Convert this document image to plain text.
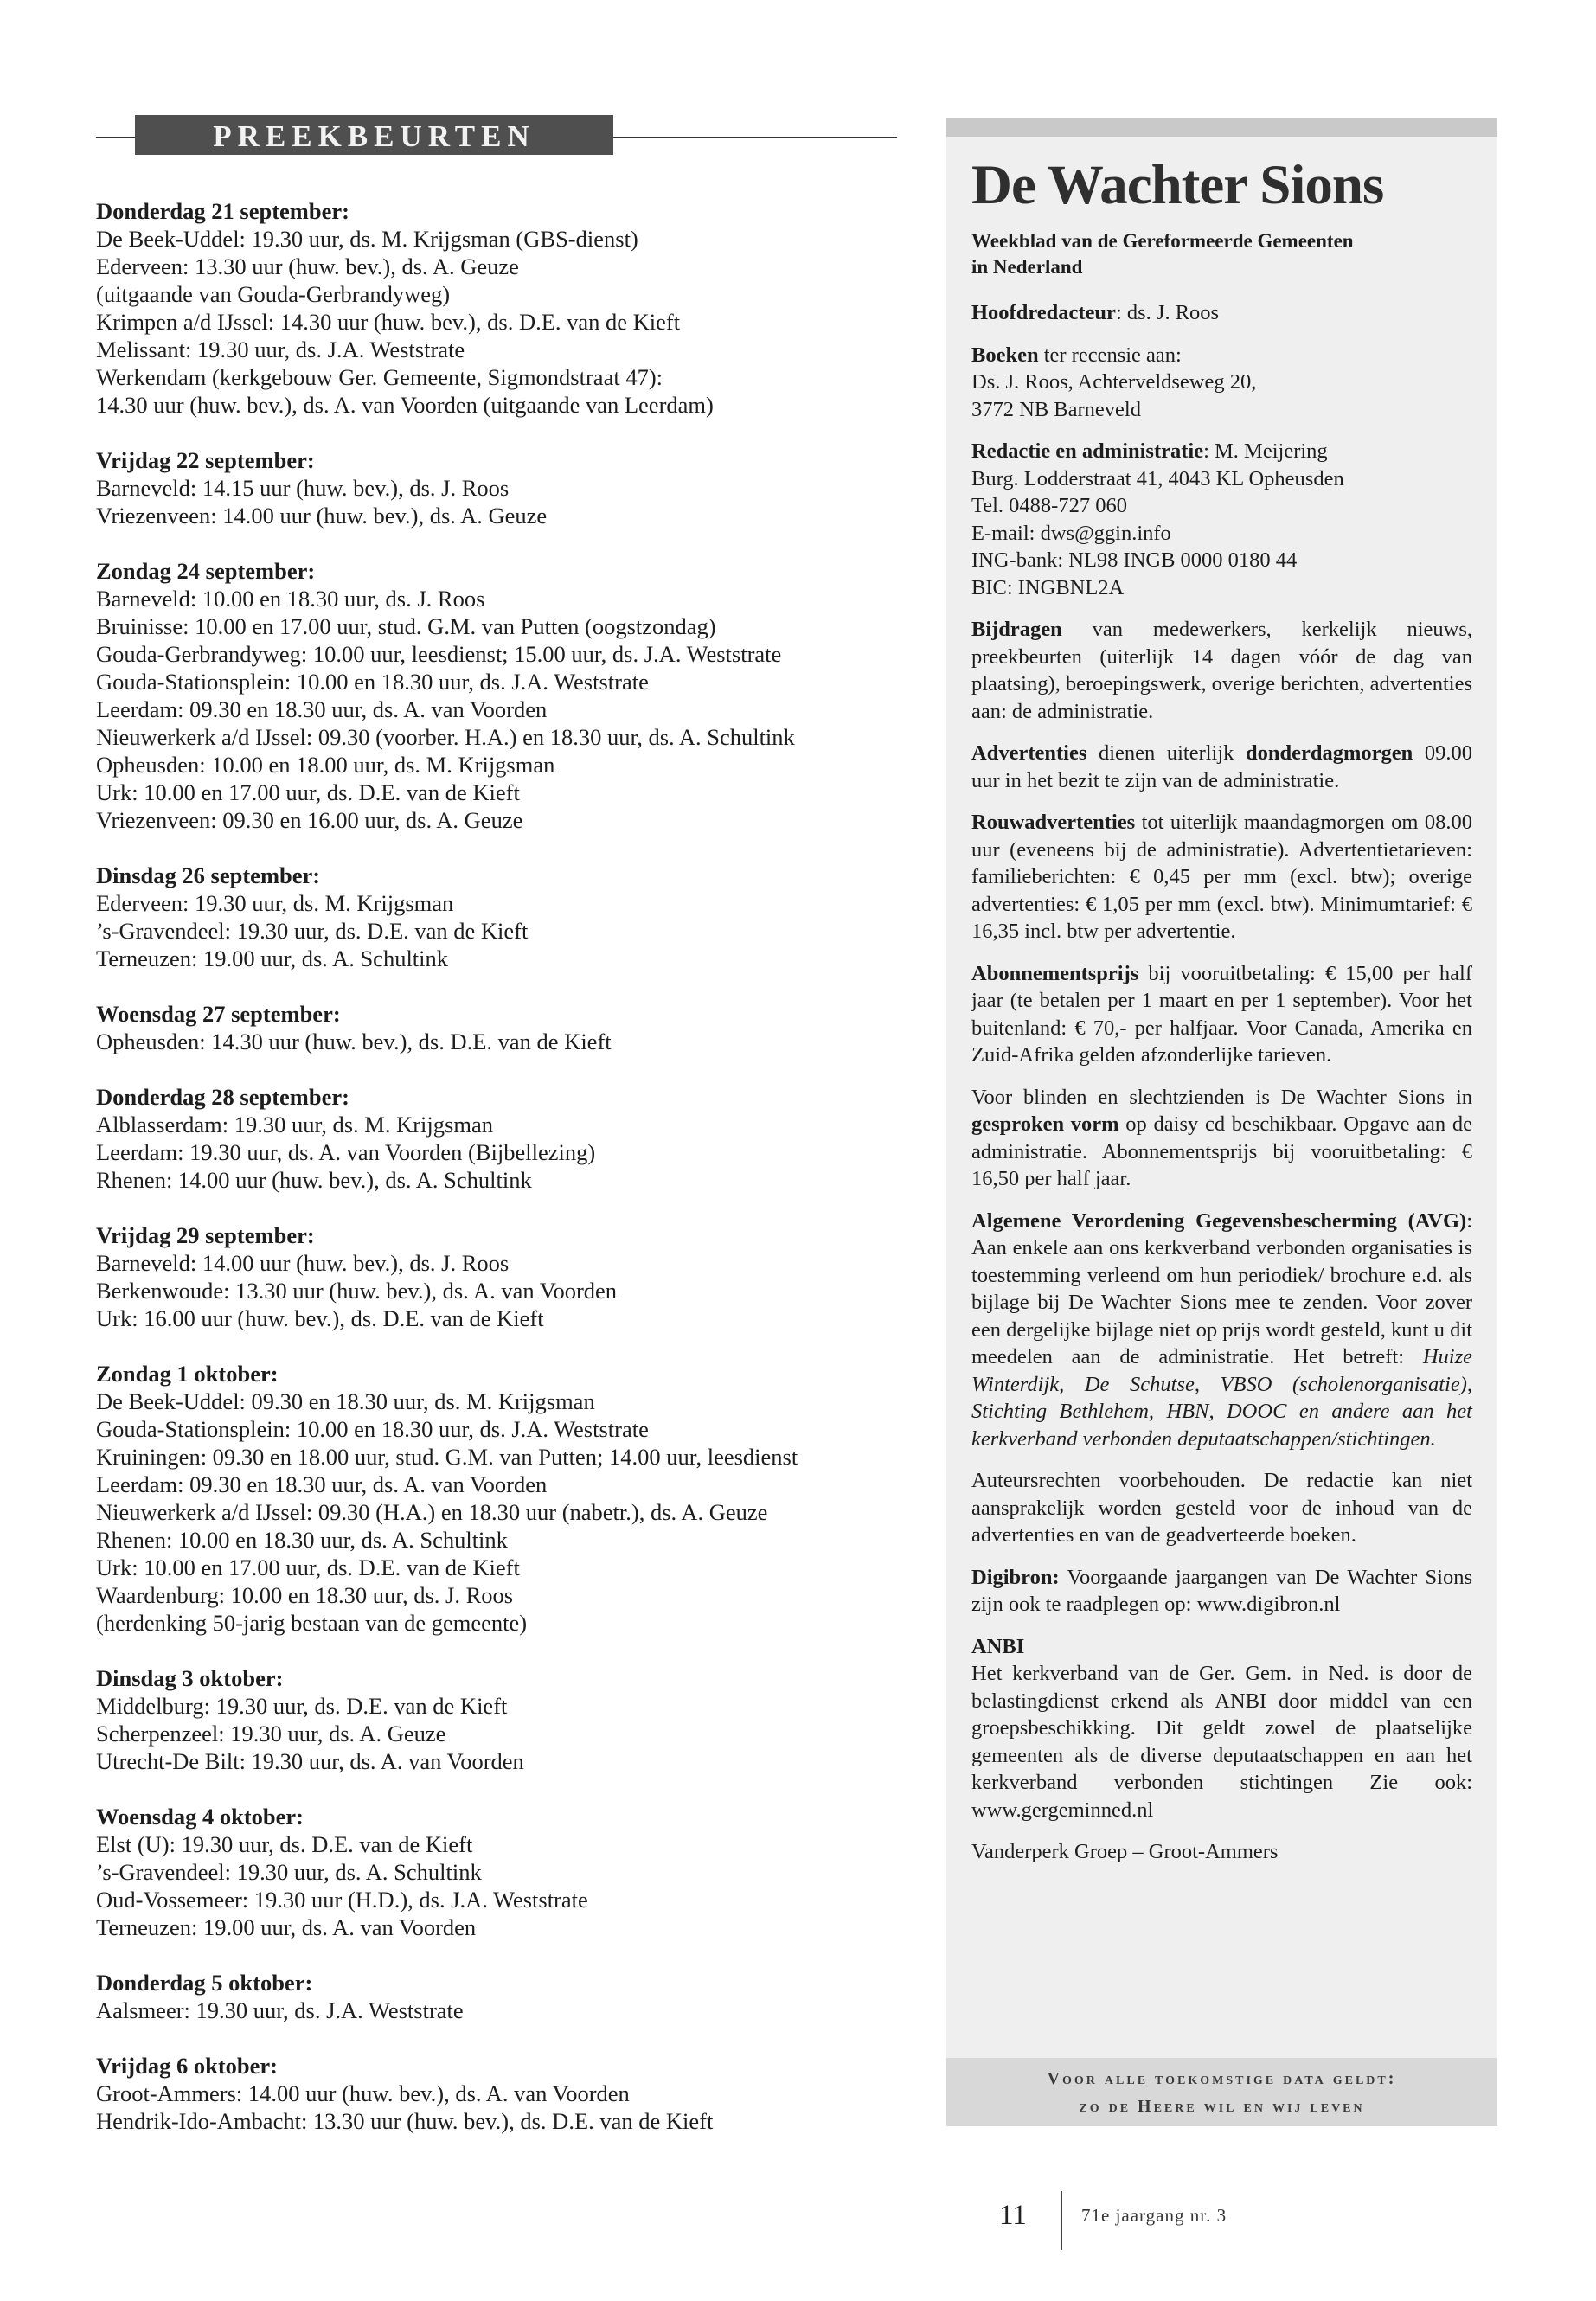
PREEKBEURTEN

Donderdag 21 september:

De Beek-Uddel: 19.30 uur, ds. M. Krijgsman (GBS-dienst)

Ederveen: 13.30 uur (huw. bev.), ds. A. Geuze

(uitgaande van Gouda-Gerbrandyweg)

Krimpen a/d IJssel: 14.30 uur (huw. bev.), ds. D.E. van de Kieft

Melissant: 19.30 uur, ds. J.A. Weststrate

Werkendam (kerkgebouw Ger. Gemeente, Sigmondstraat 47):

14.30 uur (huw. bev.), ds. A. van Voorden (uitgaande van Leerdam)

Vrijdag 22 september:

Barneveld: 14.15 uur (huw. bev.), ds. J. Roos

Vriezenveen: 14.00 uur (huw. bev.), ds. A. Geuze

Zondag 24 september:

Barneveld: 10.00 en 18.30 uur, ds. J. Roos

Bruinisse: 10.00 en 17.00 uur, stud. G.M. van Putten (oogstzondag)

Gouda-Gerbrandyweg: 10.00 uur, leesdienst; 15.00 uur, ds. J.A. Weststrate

Gouda-Stationsplein: 10.00 en 18.30 uur, ds. J.A. Weststrate

Leerdam: 09.30 en 18.30 uur, ds. A. van Voorden

Nieuwerkerk a/d IJssel: 09.30 (voorber. H.A.) en 18.30 uur, ds. A. Schultink

Opheusden: 10.00 en 18.00 uur, ds. M. Krijgsman

Urk: 10.00 en 17.00 uur, ds. D.E. van de Kieft

Vriezenveen: 09.30 en 16.00 uur, ds. A. Geuze

Dinsdag 26 september:

Ederveen: 19.30 uur, ds. M. Krijgsman

’s-Gravendeel: 19.30 uur, ds. D.E. van de Kieft

Terneuzen: 19.00 uur, ds. A. Schultink

Woensdag 27 september:

Opheusden: 14.30 uur (huw. bev.), ds. D.E. van de Kieft

Donderdag 28 september:

Alblasserdam: 19.30 uur, ds. M. Krijgsman

Leerdam: 19.30 uur, ds. A. van Voorden (Bijbellezing)

Rhenen: 14.00 uur (huw. bev.), ds. A. Schultink

Vrijdag 29 september:

Barneveld: 14.00 uur (huw. bev.), ds. J. Roos

Berkenwoude: 13.30 uur (huw. bev.), ds. A. van Voorden

Urk: 16.00 uur (huw. bev.), ds. D.E. van de Kieft

Zondag 1 oktober:

De Beek-Uddel: 09.30 en 18.30 uur, ds. M. Krijgsman

Gouda-Stationsplein: 10.00 en 18.30 uur, ds. J.A. Weststrate

Kruiningen: 09.30 en 18.00 uur, stud. G.M. van Putten; 14.00 uur, leesdienst

Leerdam: 09.30 en 18.30 uur, ds. A. van Voorden

Nieuwerkerk a/d IJssel: 09.30 (H.A.) en 18.30 uur (nabetr.), ds. A. Geuze

Rhenen: 10.00 en 18.30 uur, ds. A. Schultink

Urk: 10.00 en 17.00 uur, ds. D.E. van de Kieft

Waardenburg: 10.00 en 18.30 uur, ds. J. Roos

(herdenking 50-jarig bestaan van de gemeente)

Dinsdag 3 oktober:

Middelburg: 19.30 uur, ds. D.E. van de Kieft

Scherpenzeel: 19.30 uur, ds. A. Geuze

Utrecht-De Bilt: 19.30 uur, ds. A. van Voorden

Woensdag 4 oktober:

Elst (U): 19.30 uur, ds. D.E. van de Kieft

’s-Gravendeel: 19.30 uur, ds. A. Schultink

Oud-Vossemeer: 19.30 uur (H.D.), ds. J.A. Weststrate

Terneuzen: 19.00 uur, ds. A. van Voorden

Donderdag 5 oktober:

Aalsmeer: 19.30 uur, ds. J.A. Weststrate

Vrijdag 6 oktober:

Groot-Ammers: 14.00 uur (huw. bev.), ds. A. van Voorden

Hendrik-Ido-Ambacht: 13.30 uur (huw. bev.), ds. D.E. van de Kieft

De Wachter Sions

Weekblad van de Gereformeerde Gemeenten
in Nederland

Hoofdredacteur: ds. J. Roos

Boeken ter recensie aan:
Ds. J. Roos, Achterveldseweg 20,
3772 NB Barneveld

Redactie en administratie: M. Meijering
Burg. Lodderstraat 41, 4043 KL Opheusden
Tel. 0488-727 060
E-mail: dws@ggin.info
ING-bank: NL98 INGB 0000 0180 44
BIC: INGBNL2A

Bijdragen van medewerkers, kerkelijk nieuws, preekbeurten (uiterlijk 14 dagen vóór de dag van plaatsing), beroepingswerk, overige berichten, advertenties aan: de administratie.

Advertenties dienen uiterlijk donderdagmorgen 09.00 uur in het bezit te zijn van de administratie.

Rouwadvertenties tot uiterlijk maandagmorgen om 08.00 uur (eveneens bij de administratie). Advertentietarieven: familieberichten: € 0,45 per mm (excl. btw); overige advertenties: € 1,05 per mm (excl. btw). Minimumtarief: € 16,35 incl. btw per advertentie.

Abonnementsprijs bij vooruitbetaling: € 15,00 per half jaar (te betalen per 1 maart en per 1 september). Voor het buitenland: € 70,- per halfjaar. Voor Canada, Amerika en Zuid-Afrika gelden afzonderlijke tarieven.

Voor blinden en slechtzienden is De Wachter Sions in gesproken vorm op daisy cd beschikbaar. Opgave aan de administratie. Abonnementsprijs bij vooruitbetaling: € 16,50 per half jaar.

Algemene Verordening Gegevensbescherming (AVG): Aan enkele aan ons kerkverband verbonden organisaties is toestemming verleend om hun periodiek/ brochure e.d. als bijlage bij De Wachter Sions mee te zenden. Voor zover een dergelijke bijlage niet op prijs wordt gesteld, kunt u dit meedelen aan de administratie. Het betreft: Huize Winterdijk, De Schutse, VBSO (scholenorganisatie), Stichting Bethlehem, HBN, DOOC en andere aan het kerkverband verbonden deputaatschappen/stichtingen.

Auteursrechten voorbehouden. De redactie kan niet aansprakelijk worden gesteld voor de inhoud van de advertenties en van de geadverteerde boeken.

Digibron: Voorgaande jaargangen van De Wachter Sions zijn ook te raadplegen op: www.digibron.nl

ANBI

Het kerkverband van de Ger. Gem. in Ned. is door de belastingdienst erkend als ANBI door middel van een groepsbeschikking. Dit geldt zowel de plaatselijke gemeenten als de diverse deputaatschappen en aan het kerkverband verbonden stichtingen Zie ook: www.gergeminned.nl

Vanderperk Groep – Groot-Ammers

Voor alle toekomstige data geldt:

zo de Heere wil en wij leven

11	71e jaargang nr. 3
